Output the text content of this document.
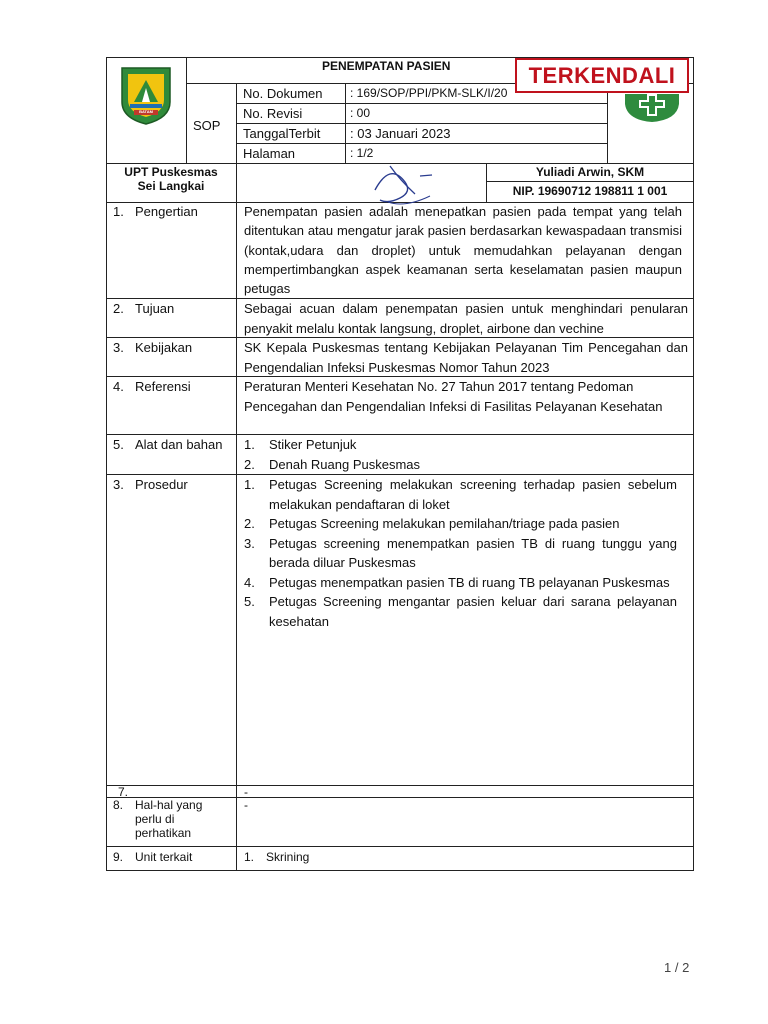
BATAM
PENEMPATAN PASIEN
SOP
No. Dokumen : 169/SOP/PPI/PKM-SLK/I/20
No. Revisi	: 00
TanggalTerbit : 03 Januari 2023
Halaman	: 1/2
TERKENDALI
UPT Puskesmas
Sei Langkai
Yuliadi Arwin, SKM
NIP. 19690712 198811 1 001
1. Pengertian	Penempatan pasien adalah menepatkan pasien pada tempat yang telah ditentukan atau mengatur jarak pasien berdasarkan kewaspadaan transmisi (kontak,udara dan droplet) untuk memudahkan pelayanan dengan mempertimbangkan aspek keamanan serta keselamatan pasien maupun petugas
2. Tujuan	Sebagai acuan dalam penempatan pasien untuk menghindari penularan penyakit melalu kontak langsung, droplet, airbone dan vechine
3. Kebijakan	SK Kepala Puskesmas tentang Kebijakan Pelayanan Tim Pencegahan dan Pengendalian Infeksi Puskesmas Nomor Tahun 2023
4. Referensi	Peraturan Menteri Kesehatan No. 27 Tahun 2017 tentang Pedoman Pencegahan dan Pengendalian Infeksi di Fasilitas Pelayanan Kesehatan
5. Alat dan bahan 1. Stiker Petunjuk
2. Denah Ruang Puskesmas
3. Prosedur	1. Petugas Screening melakukan screening terhadap pasien sebelum melakukan pendaftaran di loket
2. Petugas Screening melakukan pemilahan/triage pada pasien
3. Petugas screening menempatkan pasien TB di ruang tunggu yang berada diluar Puskesmas
4. Petugas menempatkan pasien TB di ruang TB pelayanan Puskesmas
5. Petugas Screening mengantar pasien keluar dari sarana pelayanan kesehatan
7.	-
8. Hal-hal yang perlu di perhatikan
-
9. Unit terkait	1. Skrining
1 / 2
